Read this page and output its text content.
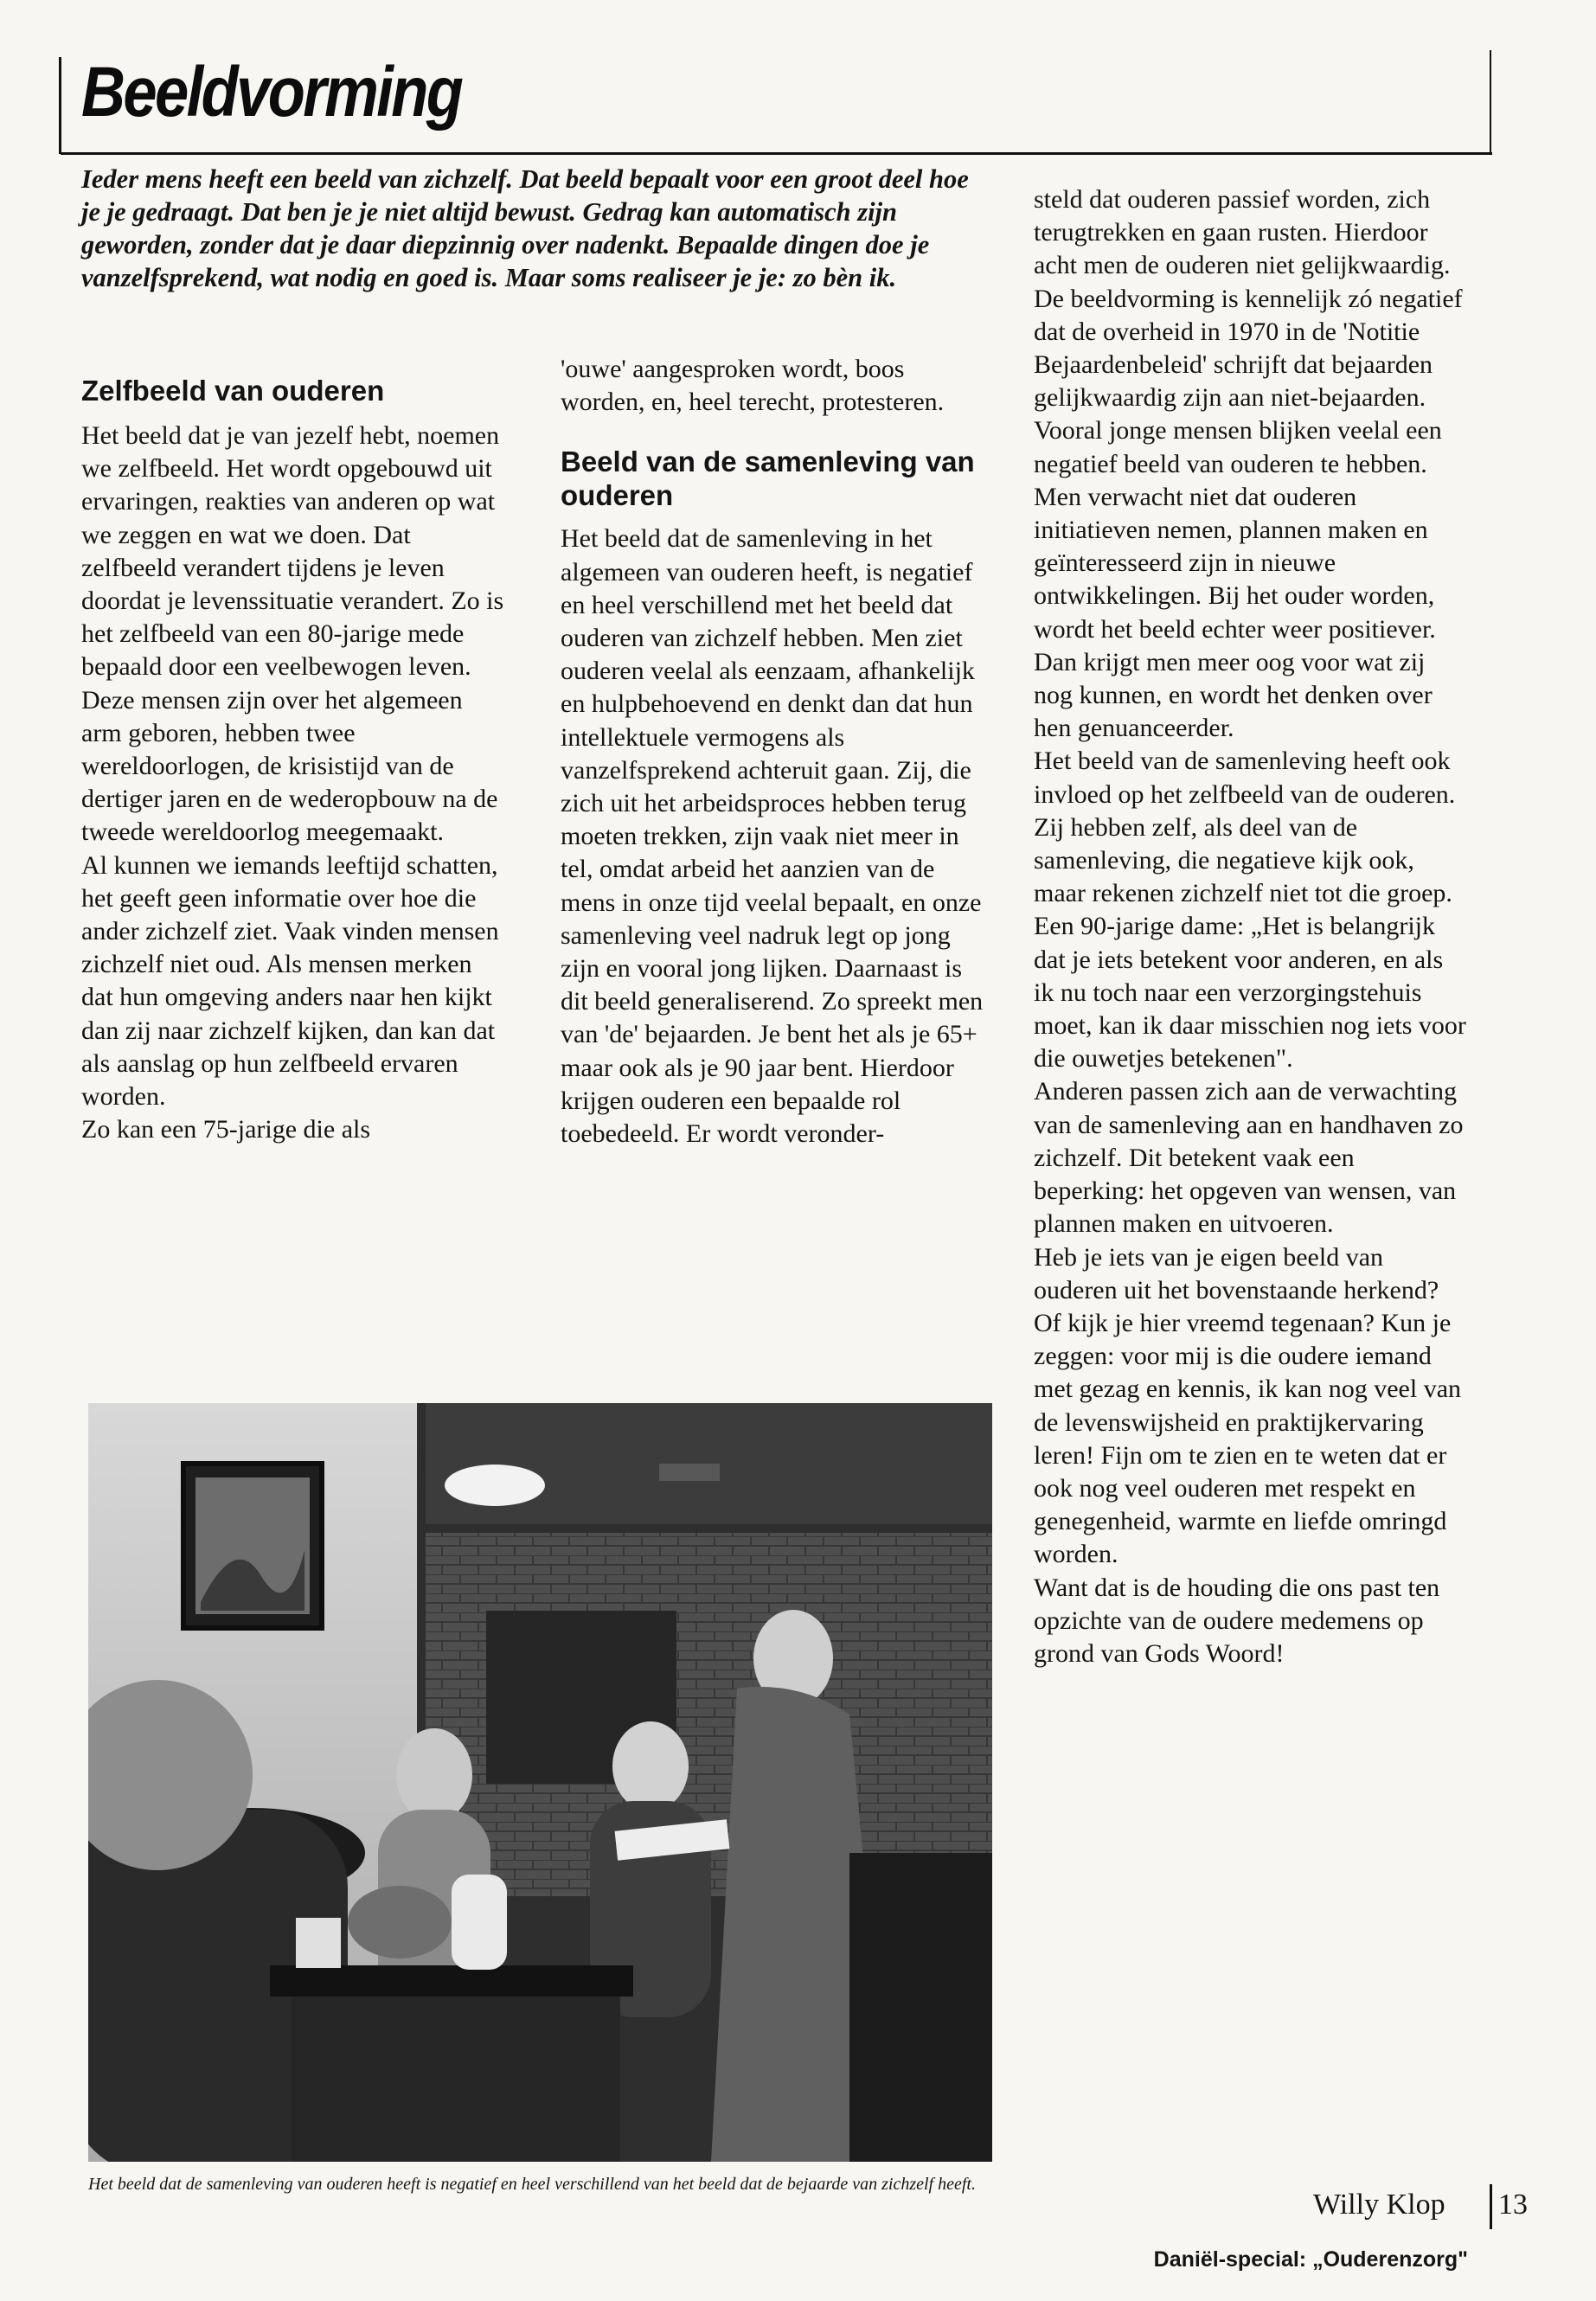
Beeldvorming

Ieder mens heeft een beeld van zichzelf. Dat beeld bepaalt voor een groot deel hoe je je gedraagt. Dat ben je je niet altijd bewust. Gedrag kan automatisch zijn geworden, zonder dat je daar diepzinnig over nadenkt. Bepaalde dingen doe je vanzelfsprekend, wat nodig en goed is. Maar soms realiseer je je: zo bèn ik.

Zelfbeeld van ouderen

Het beeld dat je van jezelf hebt, noemen we zelfbeeld. Het wordt opgebouwd uit ervaringen, reakties van anderen op wat we zeggen en wat we doen. Dat zelfbeeld verandert tijdens je leven doordat je levenssituatie verandert. Zo is het zelfbeeld van een 80-jarige mede bepaald door een veelbewogen leven. Deze mensen zijn over het algemeen arm geboren, hebben twee wereldoorlogen, de krisistijd van de dertiger jaren en de wederopbouw na de tweede wereldoorlog meegemaakt.

Al kunnen we iemands leeftijd schatten, het geeft geen informatie over hoe die ander zichzelf ziet. Vaak vinden mensen zichzelf niet oud. Als mensen merken dat hun omgeving anders naar hen kijkt dan zij naar zichzelf kijken, dan kan dat als aanslag op hun zelfbeeld ervaren worden.

Zo kan een 75-jarige die als

'ouwe' aangesproken wordt, boos worden, en, heel terecht, protesteren.

Beeld van de samenleving van ouderen

Het beeld dat de samenleving in het algemeen van ouderen heeft, is negatief en heel verschillend met het beeld dat ouderen van zichzelf hebben. Men ziet ouderen veelal als eenzaam, afhankelijk en hulpbehoevend en denkt dan dat hun intellektuele vermogens als vanzelfsprekend achteruit gaan. Zij, die zich uit het arbeidsproces hebben terug moeten trekken, zijn vaak niet meer in tel, omdat arbeid het aanzien van de mens in onze tijd veelal bepaalt, en onze samenleving veel nadruk legt op jong zijn en vooral jong lijken. Daarnaast is dit beeld generaliserend. Zo spreekt men van 'de' bejaarden. Je bent het als je 65+ maar ook als je 90 jaar bent. Hierdoor krijgen ouderen een bepaalde rol toebedeeld. Er wordt veronder-

steld dat ouderen passief worden, zich terugtrekken en gaan rusten. Hierdoor acht men de ouderen niet gelijkwaardig. De beeldvorming is kennelijk zó negatief dat de overheid in 1970 in de 'Notitie Bejaardenbeleid' schrijft dat bejaarden gelijkwaardig zijn aan niet-bejaarden.

Vooral jonge mensen blijken veelal een negatief beeld van ouderen te hebben. Men verwacht niet dat ouderen initiatieven nemen, plannen maken en geïnteresseerd zijn in nieuwe ontwikkelingen. Bij het ouder worden, wordt het beeld echter weer positiever. Dan krijgt men meer oog voor wat zij nog kunnen, en wordt het denken over hen genuanceerder.

Het beeld van de samenleving heeft ook invloed op het zelfbeeld van de ouderen. Zij hebben zelf, als deel van de samenleving, die negatieve kijk ook, maar rekenen zichzelf niet tot die groep. Een 90-jarige dame: „Het is belangrijk dat je iets betekent voor anderen, en als ik nu toch naar een verzorgingstehuis moet, kan ik daar misschien nog iets voor die ouwetjes betekenen".

Anderen passen zich aan de verwachting van de samenleving aan en handhaven zo zichzelf. Dit betekent vaak een beperking: het opgeven van wensen, van plannen maken en uitvoeren.

Heb je iets van je eigen beeld van ouderen uit het bovenstaande herkend? Of kijk je hier vreemd tegenaan? Kun je zeggen: voor mij is die oudere iemand met gezag en kennis, ik kan nog veel van de levenswijsheid en praktijkervaring leren! Fijn om te zien en te weten dat er ook nog veel ouderen met respekt en genegenheid, warmte en liefde omringd worden.

Want dat is de houding die ons past ten opzichte van de oudere medemens op grond van Gods Woord!

Het beeld dat de samenleving van ouderen heeft is negatief en heel verschillend van het beeld dat de bejaarde van zichzelf heeft.

Willy Klop 13

Daniël-special: „Ouderenzorg"
